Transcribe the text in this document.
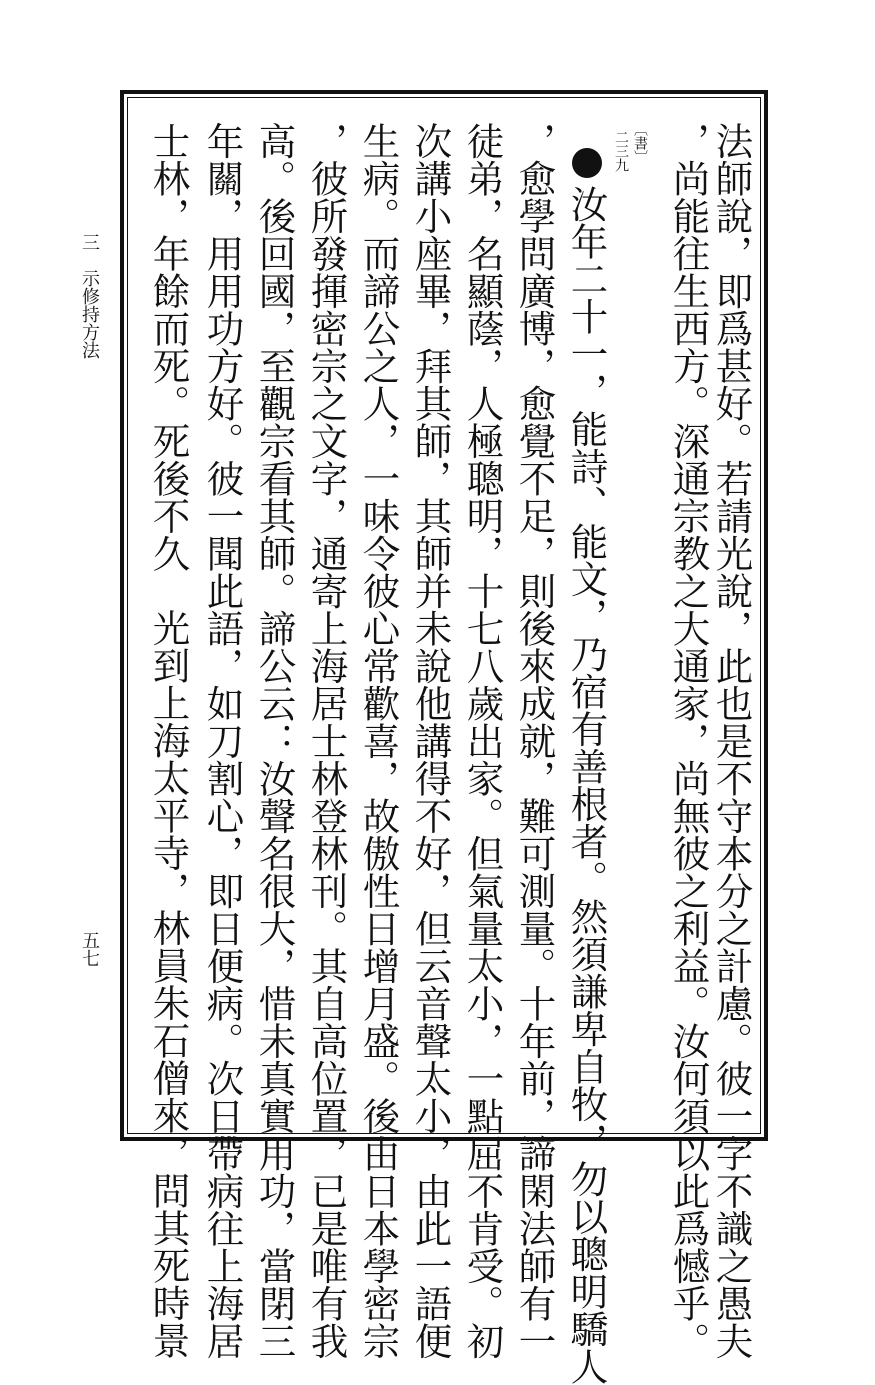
三　示修持方法
五七	法師說，即爲甚好。若請光說，此也是不守本分之計慮。彼一字不識之愚夫
，尚能往生西方。深通宗教之大通家，尚無彼之利益。汝何須以此爲憾乎。
〔書〕
二三九
汝年二十一，能詩、能文，乃宿有善根者。然須謙卑自牧，勿以聰明驕人
，愈學問廣博，愈覺不足，則後來成就，難可測量。十年前，諦閑法師有一
徒弟，名顯蔭，人極聰明，十七八歲出家。但氣量太小，一點屈不肯受。初
次講小座畢，拜其師，其師并未說他講得不好，但云音聲太小，由此一語便
生病。而諦公之人，一味令彼心常歡喜，故傲性日增月盛。後由日本學密宗
，彼所發揮密宗之文字，通寄上海居士林登林刊。其自高位置，已是唯有我
高。後回國，至觀宗看其師。諦公云：汝聲名很大，惜未真實用功，當閉三
年關，用用功方好。彼一聞此語，如刀割心，即日便病。次日帶病往上海居
士林，年餘而死。死後不久光到上海太平寺，林員朱石僧來，問其死時景
